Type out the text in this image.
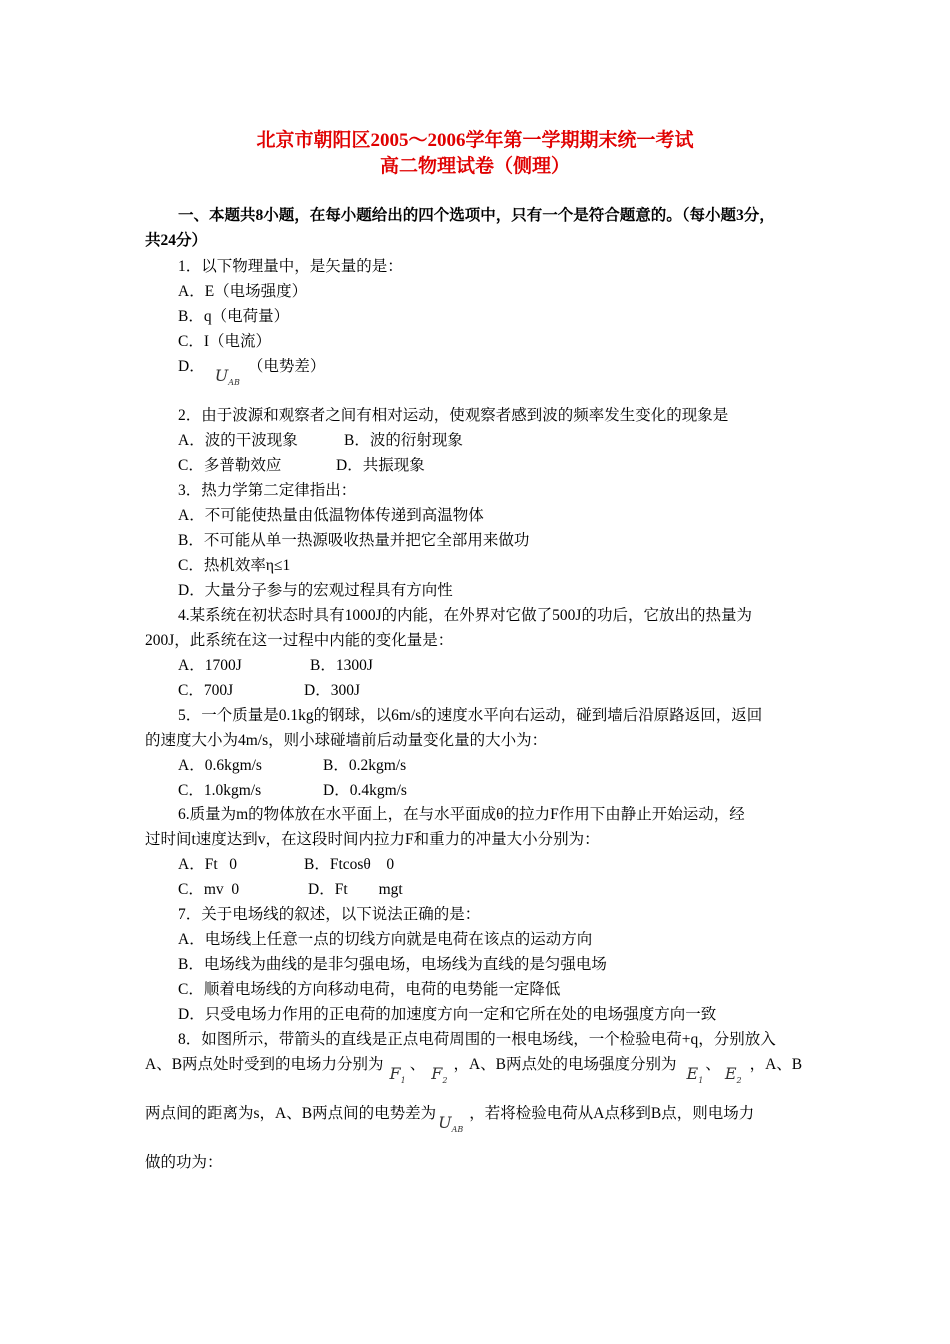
北京市朝阳区2005～2006学年第一学期期末统一考试
高二物理试卷（侧理）
一、本题共8小题，在每小题给出的四个选项中，只有一个是符合题意的。（每小题3分，
共24分）
1．以下物理量中，是矢量的是：
A．E（电场强度）
B．q（电荷量）
C．I（电流）
D． $U_{AB}$（电势差）
2．由于波源和观察者之间有相对运动，使观察者感到波的频率发生变化的现象是
A．波的干波现象	B．波的衍射现象
C．多普勒效应	D．共振现象
3．热力学第二定律指出：
A．不可能使热量由低温物体传递到高温物体
B．不可能从单一热源吸收热量并把它全部用来做功
C．热机效率η≤1
D．大量分子参与的宏观过程具有方向性
4.某系统在初状态时具有1000J的内能，在外界对它做了500J的功后，它放出的热量为
200J，此系统在这一过程中内能的变化量是：
A．1700J	B．1300J
C．700J	D．300J
5．一个质量是0.1kg的钢球，以6m/s的速度水平向右运动，碰到墙后沿原路返回，返回
的速度大小为4m/s，则小球碰墙前后动量变化量的大小为：
A．0.6kgm/s	B．0.2kgm/s
C．1.0kgm/s	D．0.4kgm/s
6.质量为m的物体放在水平面上，在与水平面成θ的拉力F作用下由静止开始运动，经
过时间t速度达到v，在这段时间内拉力F和重力的冲量大小分别为：
A．Ft   0	B．Ftcosθ    0
C．mv  0	D．Ft        mgt
7．关于电场线的叙述，以下说法正确的是：
A．电场线上任意一点的切线方向就是电荷在该点的运动方向
B．电场线为曲线的是非匀强电场，电场线为直线的是匀强电场
C．顺着电场线的方向移动电荷，电荷的电势能一定降低
D．只受电场力作用的正电荷的加速度方向一定和它所在处的电场强度方向一致
8．如图所示，带箭头的直线是正点电荷周围的一根电场线，一个检验电荷+q，分别放入
A、B两点处时受到的电场力分别为 $F_1$、 $F_2$，A、B两点处的电场强度分别为 $E_1$、 $E_2$，A、B
两点间的距离为s，A、B两点间的电势差为 $U_{AB}$，若将检验电荷从A点移到B点，则电场力
做的功为：
